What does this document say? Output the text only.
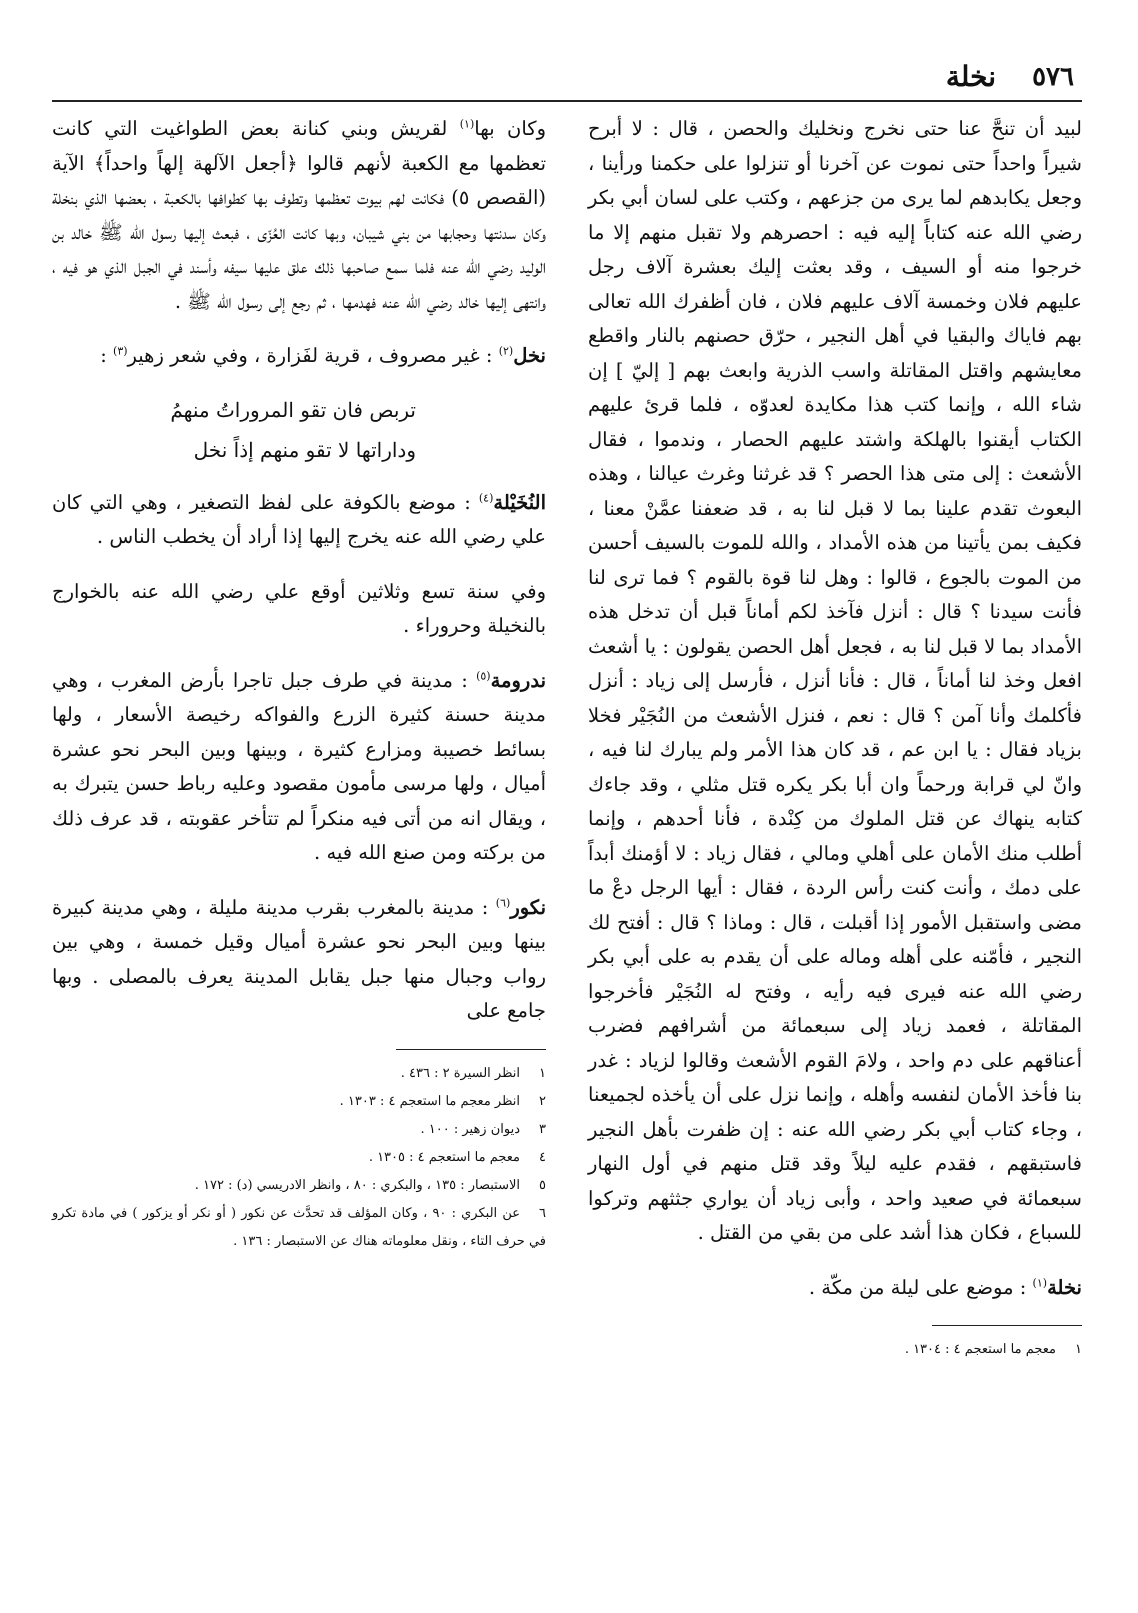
٥٧٦
نخلة

لبيد أن تنحَّ عنا حتى نخرج ونخليك والحصن ، قال : لا أبرح شيراً واحداً حتى نموت عن آخرنا أو تنزلوا على حكمنا ورأينا ، وجعل يكابدهم لما يرى من جزعهم ، وكتب على لسان أبي بكر رضي الله عنه كتاباً إليه فيه : احصرهم ولا تقبل منهم إلا ما خرجوا منه أو السيف ، وقد بعثت إليك بعشرة آلاف رجل عليهم فلان وخمسة آلاف عليهم فلان ، فان أظفرك الله تعالى بهم فاياك والبقيا في أهل النجير ، حرّق حصنهم بالنار واقطع معايشهم واقتل المقاتلة واسب الذرية وابعث بهم [ إليّ ] إن شاء الله ، وإنما كتب هذا مكايدة لعدوّه ، فلما قرئ عليهم الكتاب أيقنوا بالهلكة واشتد عليهم الحصار ، وندموا ، فقال الأشعث : إلى متى هذا الحصر ؟ قد غرثنا وغرث عيالنا ، وهذه البعوث تقدم علينا بما لا قبل لنا به ، قد ضعفنا عمَّنْ معنا ، فكيف بمن يأتينا من هذه الأمداد ، والله للموت بالسيف أحسن من الموت بالجوع ، قالوا : وهل لنا قوة بالقوم ؟ فما ترى لنا فأنت سيدنا ؟ قال : أنزل فآخذ لكم أماناً قبل أن تدخل هذه الأمداد بما لا قبل لنا به ، فجعل أهل الحصن يقولون : يا أشعث افعل وخذ لنا أماناً ، قال : فأنا أنزل ، فأرسل إلى زياد : أنزل فأكلمك وأنا آمن ؟ قال : نعم ، فنزل الأشعث من النُجَيْر فخلا بزياد فقال : يا ابن عم ، قد كان هذا الأمر ولم يبارك لنا فيه ، وانّ لي قرابة ورحماً وان أبا بكر يكره قتل مثلي ، وقد جاءك كتابه ينهاك عن قتل الملوك من كِنْدة ، فأنا أحدهم ، وإنما أطلب منك الأمان على أهلي ومالي ، فقال زياد : لا أؤمنك أبداً على دمك ، وأنت كنت رأس الردة ، فقال : أيها الرجل دعْ ما مضى واستقبل الأمور إذا أقبلت ، قال : وماذا ؟ قال : أفتح لك النجير ، فأمّنه على أهله وماله على أن يقدم به على أبي بكر رضي الله عنه فيرى فيه رأيه ، وفتح له النُجَيْر فأخرجوا المقاتلة ، فعمد زياد إلى سبعمائة من أشرافهم فضرب أعناقهم على دم واحد ، ولامَ القوم الأشعث وقالوا لزياد : غدر بنا فأخذ الأمان لنفسه وأهله ، وإنما نزل على أن يأخذه لجميعنا ، وجاء كتاب أبي بكر رضي الله عنه : إن ظفرت بأهل النجير فاستبقهم ، فقدم عليه ليلاً وقد قتل منهم في أول النهار سبعمائة في صعيد واحد ، وأبى زياد أن يواري جثثهم وتركوا للسباع ، فكان هذا أشد على من بقي من القتل .

نخلة$^{(١)}$ : موضع على ليلة من مكّة .

١معجم ما استعجم ٤ : ١٣٠٤ .

وكان بها$^{(١)}$ لقريش وبني كنانة بعض الطواغيت التي كانت تعظمها مع الكعبة لأنهم قالوا ﴿أجعل الآلهة إلهاً واحداً﴾ الآية (القصص ٥) فكانت لهم بيوت تعظمها وتطوف بها كطوافها بالكعبة ، بعضها الذي بنخلة وكان سدنتها وحجابها من بني شيبان، وبها كانت العُزّى ، فبعث إليها رسول الله ﷺ خالد بن الوليد رضي الله عنه فلما سمع صاحبها ذلك علق عليها سيفه وأسند في الجبل الذي هو فيه ، وانتهى إليها خالد رضي الله عنه فهدمها ، ثم رجع إلى رسول الله ﷺ .

نخل$^{(٢)}$ : غير مصروف ، قرية لفَزارة ، وفي شعر زهير$^{(٣)}$ :

تربص فان تقو المروراتُ منهمُ
وداراتها لا تقو منهم إذاً نخل

النُخَيْلة$^{(٤)}$ : موضع بالكوفة على لفظ التصغير ، وهي التي كان علي رضي الله عنه يخرج إليها إذا أراد أن يخطب الناس .

وفي سنة تسع وثلاثين أوقع علي رضي الله عنه بالخوارج بالنخيلة وحروراء .

ندرومة$^{(٥)}$ : مدينة في طرف جبل تاجرا بأرض المغرب ، وهي مدينة حسنة كثيرة الزرع والفواكه رخيصة الأسعار ، ولها بسائط خصيبة ومزارع كثيرة ، وبينها وبين البحر نحو عشرة أميال ، ولها مرسى مأمون مقصود وعليه رباط حسن يتبرك به ، ويقال انه من أتى فيه منكراً لم تتأخر عقوبته ، قد عرف ذلك من بركته ومن صنع الله فيه .

نكور$^{(٦)}$ : مدينة بالمغرب بقرب مدينة مليلة ، وهي مدينة كبيرة بينها وبين البحر نحو عشرة أميال وقيل خمسة ، وهي بين رواب وجبال منها جبل يقابل المدينة يعرف بالمصلى . وبها جامع على

١انظر السيرة ٢ : ٤٣٦ .

٢انظر معجم ما استعجم ٤ : ١٣٠٣ .

٣ديوان زهير : ١٠٠ .

٤معجم ما استعجم ٤ : ١٣٠٥ .

٥الاستبصار : ١٣٥ ، والبكري : ٨٠ ، وانظر الادريسي (د) : ١٧٢ .

٦عن البكري : ٩٠ ، وكان المؤلف قد تحدَّث عن نكور ( أو نكر أو يزكور ) في مادة تكرو في حرف التاء ، ونقل معلوماته هناك عن الاستبصار : ١٣٦ .
